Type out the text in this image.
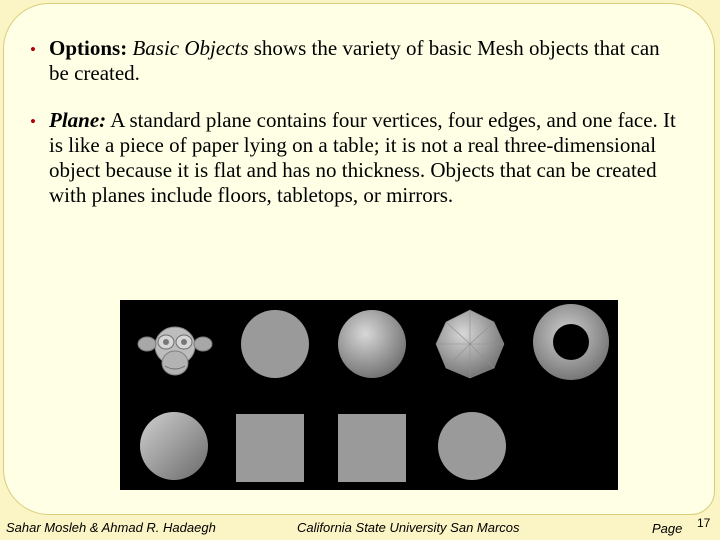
• Options: Basic Objects shows the variety of basic Mesh objects that can be created.
• Plane: A standard plane contains four vertices, four edges, and one face. It is like a piece of paper lying on a table; it is not a real three-dimensional object because it is flat and has no thickness. Objects that can be created with planes include floors, tabletops, or mirrors.
Sahar Mosleh & Ahmad R. Hadaegh	California State University San Marcos	Page 17
